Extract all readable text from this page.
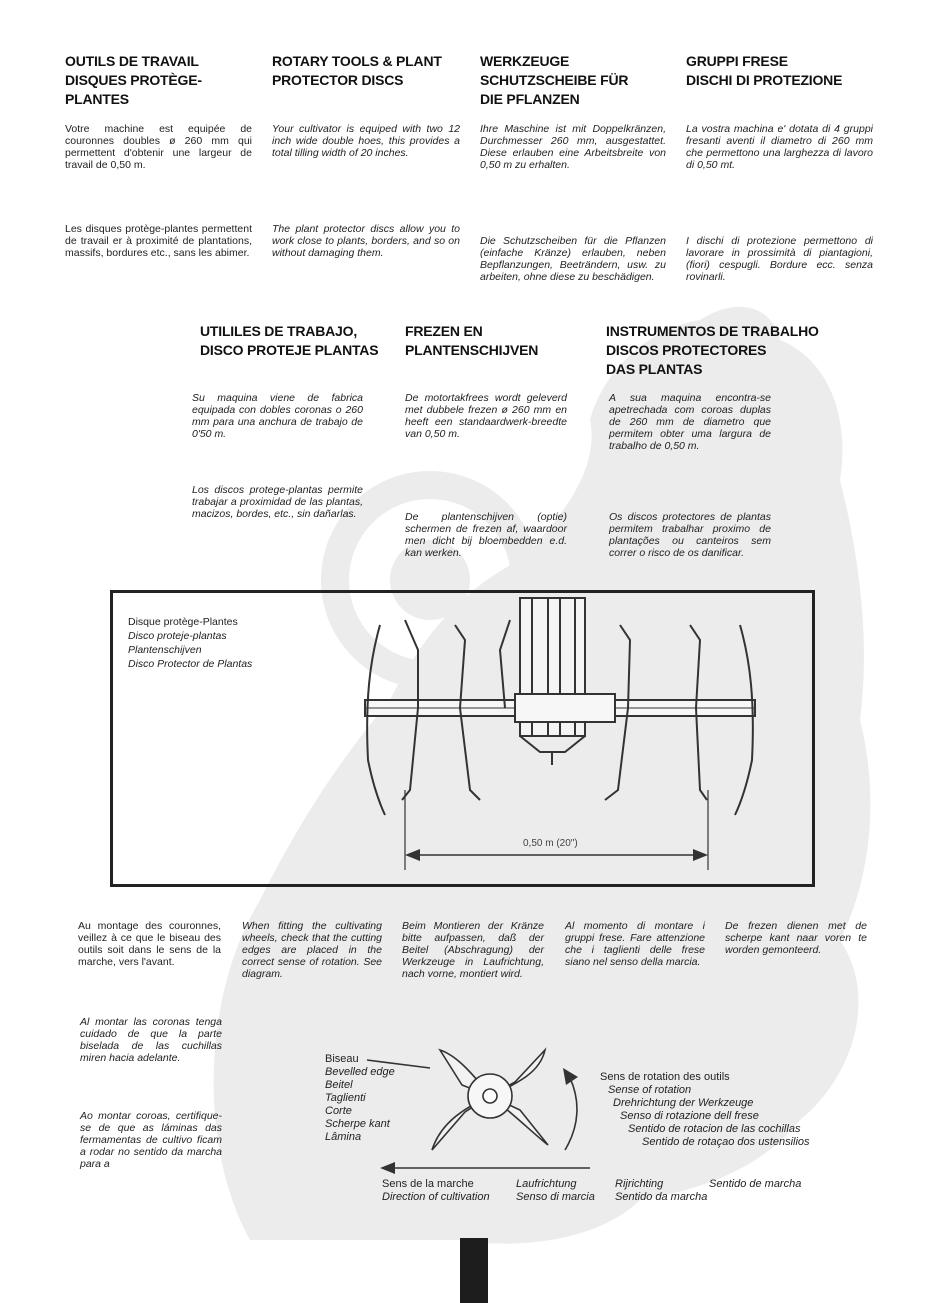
OUTILS DE TRAVAIL
DISQUES PROTÈGE-
PLANTES
Votre machine est equipée de couronnes doubles ø 260 mm qui permettent d'obtenir une largeur de travail de 0,50 m.
Les disques protège-plantes permettent de travail er à proximité de plantations, massifs, bordures etc., sans les abimer.
ROTARY TOOLS & PLANT
PROTECTOR DISCS
Your cultivator is equiped with two 12 inch wide double hoes, this provides a total tilling width of 20 inches.
The plant protector discs allow you to work close to plants, borders, and so on without damaging them.
WERKZEUGE
SCHUTZSCHEIBE FÜR
DIE PFLANZEN
Ihre Maschine ist mit Doppelkränzen, Durchmesser 260 mm, ausgestattet. Diese erlauben eine Arbeitsbreite von 0,50 m zu erhalten.
Die Schutzscheiben für die Pflanzen (einfache Kränze) erlauben, neben Bepflanzungen, Beeträndern, usw. zu arbeiten, ohne diese zu beschädigen.
GRUPPI FRESE
DISCHI DI PROTEZIONE
La vostra machina e' dotata di 4 gruppi fresanti aventi il diametro di 260 mm che permettono una larghezza di lavoro di 0,50 mt.
I dischi di protezione permettono di lavorare in prossimità di piantagioni, (fiori) cespugli. Bordure ecc. senza rovinarli.
UTILILES DE TRABAJO,
DISCO PROTEJE PLANTAS
Su maquina viene de fabrica equipada con dobles coronas o 260 mm para una anchura de trabajo de 0'50 m.
Los discos protege-plantas permite trabajar a proximidad de las plantas, macizos, bordes, etc., sin dañarlas.
FREZEN EN
PLANTENSCHIJVEN
De motortakfrees wordt geleverd met dubbele frezen ø 260 mm en heeft een standaardwerk-breedte van 0,50 m.
De plantenschijven (optie) schermen de frezen af, waardoor men dicht bij bloembedden e.d. kan werken.
INSTRUMENTOS DE TRABALHO
DISCOS PROTECTORES
DAS PLANTAS
A sua maquina encontra-se apetrechada com coroas duplas de 260 mm de diametro que permitem obter uma largura de trabalho de 0,50 m.
Os discos protectores de plantas permitem trabalhar proximo de plantações ou canteiros sem correr o risco de os danificar.
Disque protège-Plantes
Disco proteje-plantas
Plantenschijven
Disco Protector de Plantas
0,50 m (20")
Au montage des couronnes, veillez à ce que le biseau des outils soit dans le sens de la marche, vers l'avant.
When fitting the cultivating wheels, check that the cutting edges are placed in the correct sense of rotation. See diagram.
Beim Montieren der Kränze bitte aufpassen, daß der Beitel (Abschragung) der Werkzeuge in Laufrichtung, nach vorne, montiert wird.
Al momento di montare i gruppi frese. Fare attenzione che i taglienti delle frese siano nel senso della marcia.
De frezen dienen met de scherpe kant naar voren te worden gemonteerd.
Al montar las coronas tenga cuidado de que la parte biselada de las cuchillas miren hacia adelante.
Ao montar coroas, certifique-se de que as láminas das fermamentas de cultivo ficam a rodar no sentido da marcha para a
Biseau
Bevelled edge
Beitel
Taglienti
Corte
Scherpe kant
Lâmina
Sens de rotation des outils
Sense of rotation
Drehrichtung der Werkzeuge
Senso di rotazione dell frese
Sentido de rotacion de las cochillas
Sentido de rotaçao dos ustensilios
Sens de la marche	Laufrichtung	Rijrichting	Sentido de marcha
Direction of cultivation Senso di marcia Sentido da marcha
